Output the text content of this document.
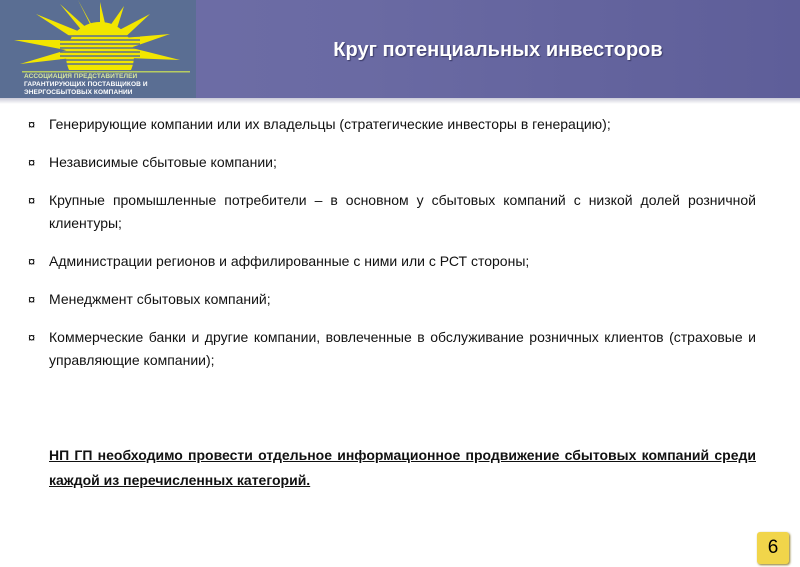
АССОЦИАЦИЯ ПРЕДСТАВИТЕЛЕЙ
ГАРАНТИРУЮЩИХ ПОСТАВЩИКОВ И
ЭНЕРГОСБЫТОВЫХ КОМПАНИЙ
Круг потенциальных инвесторов
¤ Генерирующие компании или их владельцы (стратегические инвесторы в генерацию);
¤ Независимые сбытовые компании;
¤ Крупные промышленные потребители – в основном у сбытовых компаний с низкой долей розничной клиентуры;
¤ Администрации регионов и аффилированные с ними или с РСТ стороны;
¤ Менеджмент сбытовых компаний;
¤ Коммерческие банки и другие компании, вовлеченные в обслуживание розничных клиентов (страховые и управляющие компании);
НП ГП необходимо провести отдельное информационное продвижение сбытовых компаний среди каждой из перечисленных категорий.
6
